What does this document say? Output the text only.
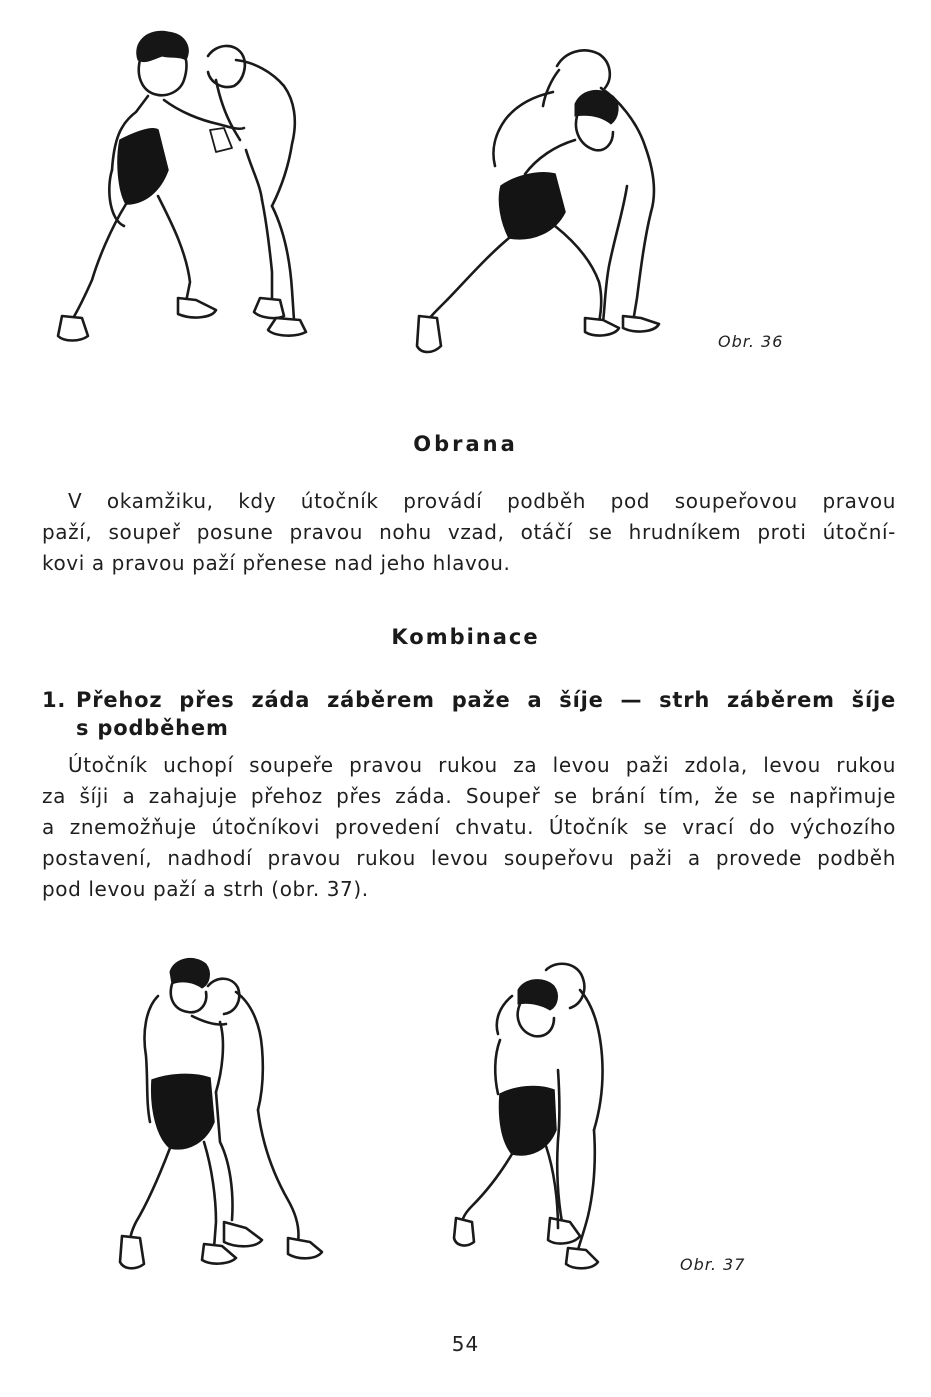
Obr. 36
Obrana
V okamžiku, kdy útočník provádí podběh pod soupeřovou pravou
paží, soupeř posune pravou nohu vzad, otáčí se hrudníkem proti útoční-
kovi a pravou paží přenese nad jeho hlavou.
Kombinace
1. Přehoz přes záda záběrem paže a šíje — strh záběrem šíje
s podběhem
Útočník uchopí soupeře pravou rukou za levou paži zdola, levou rukou
za šíji a zahajuje přehoz přes záda. Soupeř se brání tím, že se napřimuje
a znemožňuje útočníkovi provedení chvatu. Útočník se vrací do výchozího
postavení, nadhodí pravou rukou levou soupeřovu paži a provede podběh
pod levou paží a strh (obr. 37).
Obr. 37
54
